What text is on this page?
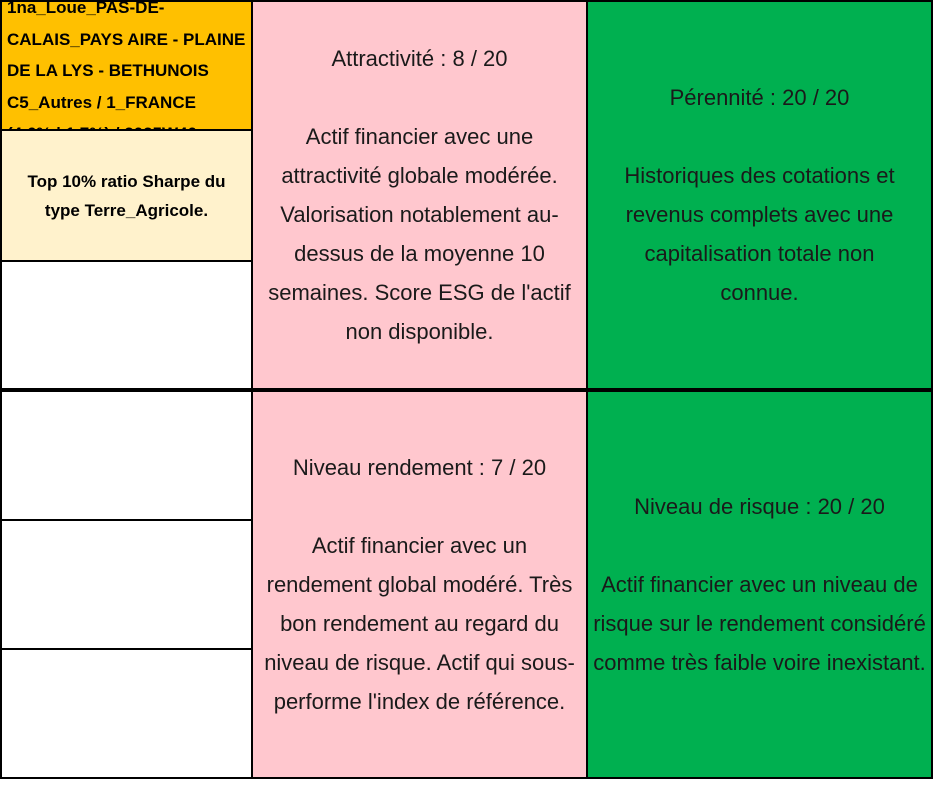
1na_Loue_PAS-DE-
CALAIS_PAYS AIRE - PLAINE
DE LA LYS - BETHUNOIS
C5_Autres / 1_FRANCE
Top 10% ratio Sharpe du type Terre_Agricole.
Attractivité : 8 / 20
Actif financier avec une attractivité globale modérée. Valorisation notablement au-dessus de la moyenne 10 semaines. Score ESG de l'actif non disponible.
Pérennité : 20 / 20
Historiques des cotations et revenus complets avec une capitalisation totale non connue.
Niveau rendement : 7 / 20
Actif financier avec un rendement global modéré. Très bon rendement au regard du niveau de risque. Actif qui sous-performe l'index de référence.
Niveau de risque : 20 / 20
Actif financier avec un niveau de risque sur le rendement considéré comme très faible voire inexistant.
